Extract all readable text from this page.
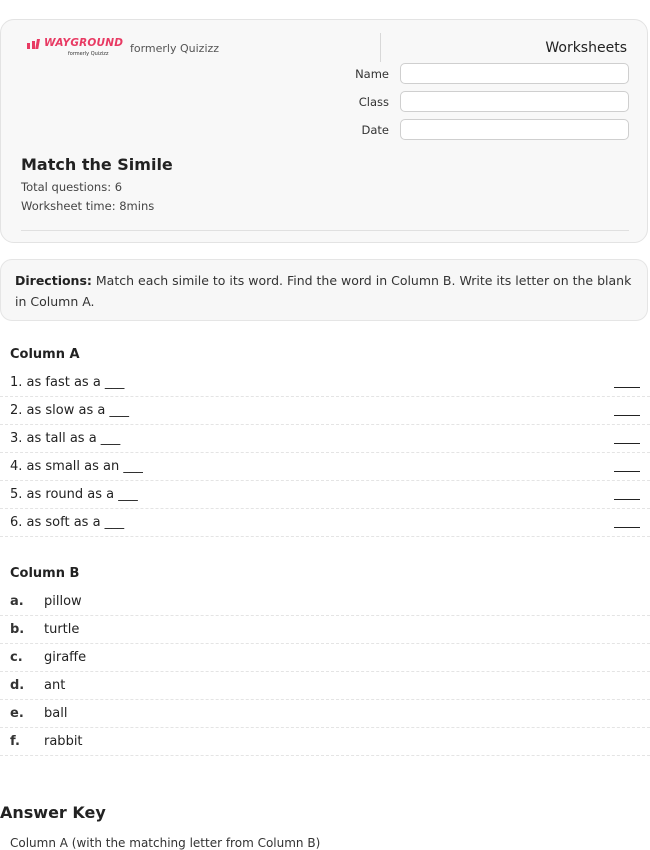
WAYGROUND
formerly Quizizz formerly Quizizz	Worksheets
Name
Class
Date
Match the Simile
Total questions: 6
Worksheet time: 8mins
Directions: Match each simile to its word. Find the word in Column B. Write its letter on the blank in Column A.
Column A
1. as fast as a ___
2. as slow as a ___
3. as tall as a ___
4. as small as an ___
5. as round as a ___
6. as soft as a ___
Column B
a. pillow
b. turtle
c. giraffe
d. ant
e. ball
f. rabbit
Answer Key
Column A (with the matching letter from Column B)
